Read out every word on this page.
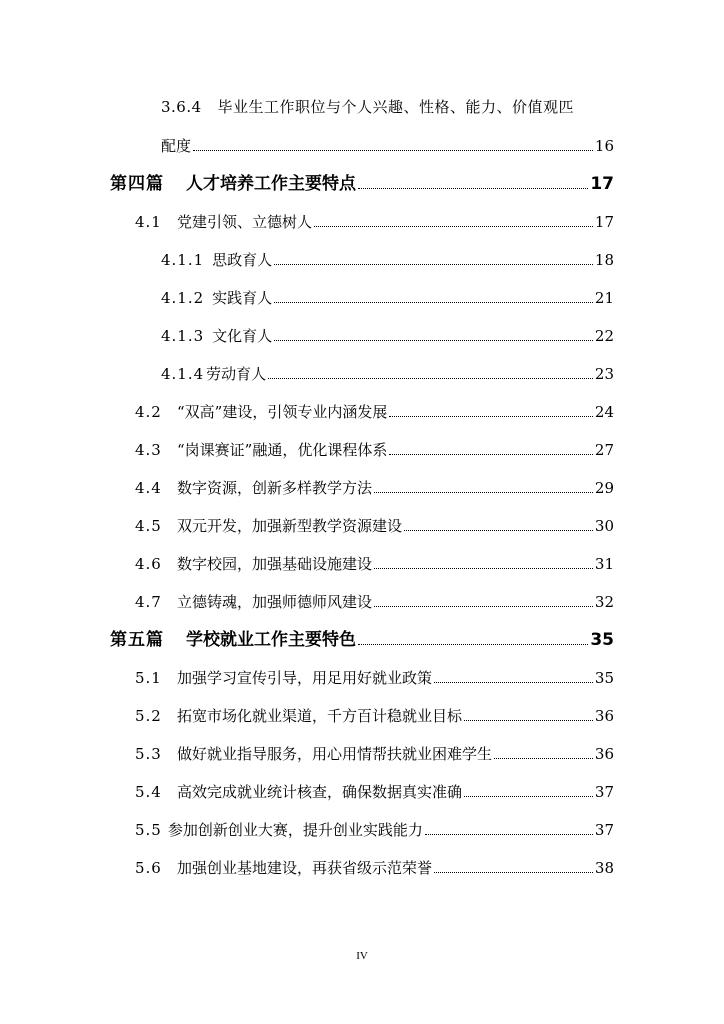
3.6.4 毕业生工作职位与个人兴趣、性格、能力、价值观匹
配度	16
第四篇 人才培养工作主要特点	17
4.1	党建引领、立德树人	17
4.1.1 思政育人	18
4.1.2 实践育人	21
4.1.3 文化育人	22
4.1.4 劳动育人	23
4.2	“双高”建设，引领专业内涵发展	24
4.3	“岗课赛证”融通，优化课程体系	27
4.4	数字资源，创新多样教学方法	29
4.5	双元开发，加强新型教学资源建设	30
4.6	数字校园，加强基础设施建设	31
4.7	立德铸魂，加强师德师风建设	32
第五篇 学校就业工作主要特色	35
5.1	加强学习宣传引导，用足用好就业政策	35
5.2	拓宽市场化就业渠道，千方百计稳就业目标	36
5.3	做好就业指导服务，用心用情帮扶就业困难学生	36
5.4	高效完成就业统计核查，确保数据真实准确	37
5.5 参加创新创业大赛，提升创业实践能力	37
5.6	加强创业基地建设，再获省级示范荣誉	38
IV
